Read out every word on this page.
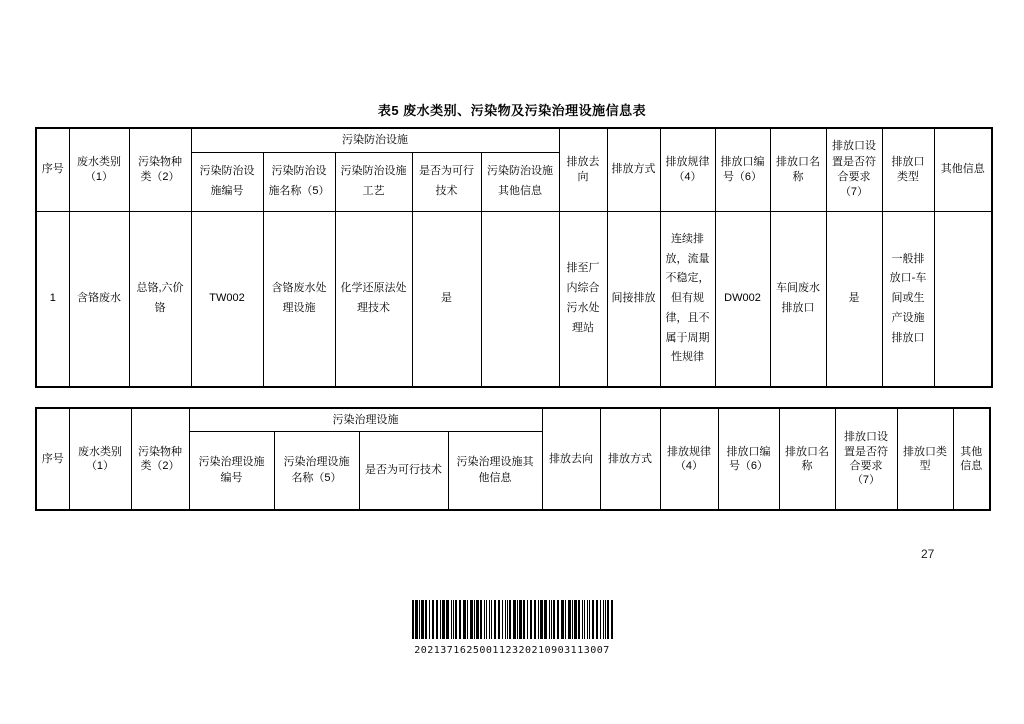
表5 废水类别、污染物及污染治理设施信息表
序号	废水类别（1）	污染物种类（2）	污染防治设施					排放去向	排放方式	排放规律（4）	排放口编号（6）	排放口名称	排放口设置是否符合要求（7）	排放口类型	其他信息
			污染防治设施编号	污染防治设施名称（5）	污染防治设施工艺	是否为可行技术	污染防治设施其他信息								
1	含铬废水	总铬,六价铬	TW002	含铬废水处理设施	化学还原法处理技术	是		排至厂内综合污水处理站	间接排放	连续排放，流量不稳定，但有规律，且不属于周期性规律	DW002	车间废水排放口	是	一般排放口-车间或生产设施排放口	
序号	废水类别（1）	污染物种类（2）	污染治理设施				排放去向	排放方式	排放规律（4）	排放口编号（6）	排放口名称	排放口设置是否符合要求（7）	排放口类型	其他信息
			污染治理设施编号	污染治理设施名称（5）	是否为可行技术	污染治理设施其他信息								
27
202137162500112320210903113007
